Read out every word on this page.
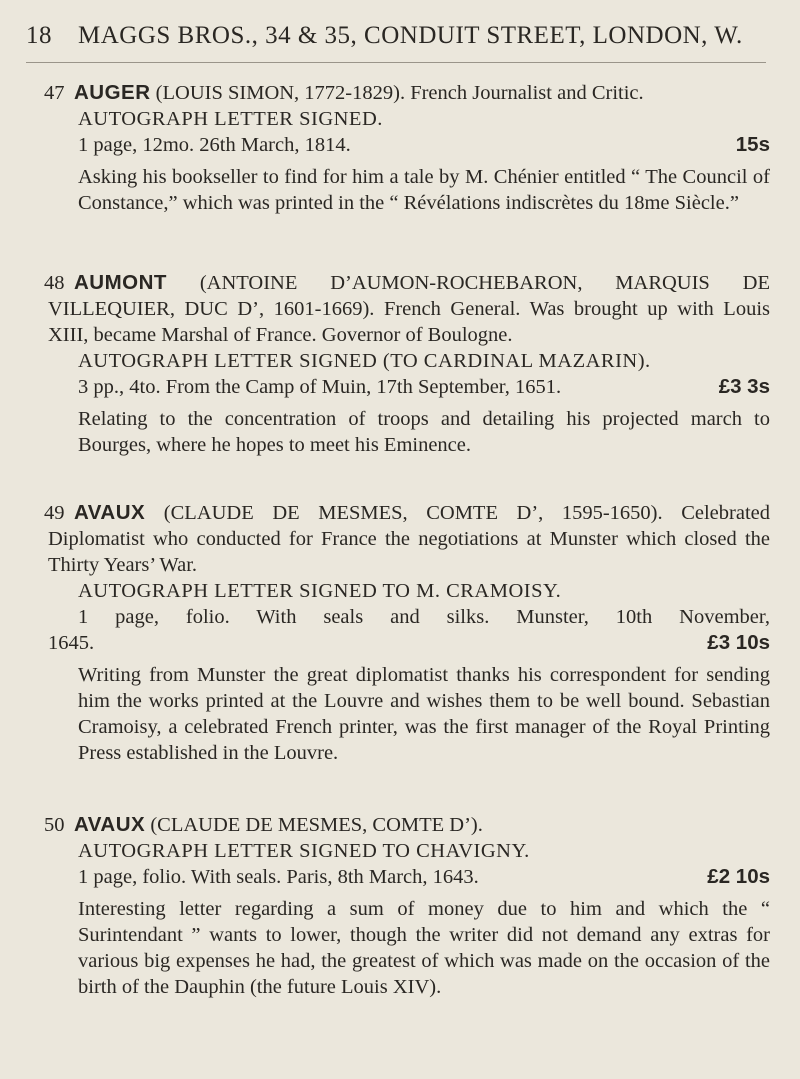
18 MAGGS BROS., 34 & 35, CONDUIT STREET, LONDON, W.

47 AUGER (LOUIS SIMON, 1772-1829). French Journalist and Critic.

AUTOGRAPH LETTER SIGNED.

1 page, 12mo. 26th March, 1814.	15s

Asking his bookseller to find for him a tale by M. Chénier entitled “ The Council of Constance,” which was printed in the “ Révélations indiscrètes du 18me Siècle.”

48 AUMONT (ANTOINE D’AUMON-ROCHEBARON, MARQUIS DE VILLEQUIER, DUC D’, 1601-1669). French General. Was brought up with Louis XIII, became Marshal of France. Governor of Boulogne.

AUTOGRAPH LETTER SIGNED (TO CARDINAL MAZARIN).

3 pp., 4to. From the Camp of Muin, 17th September, 1651.	£3 3s

Relating to the concentration of troops and detailing his projected march to Bourges, where he hopes to meet his Eminence.

49 AVAUX (CLAUDE DE MESMES, COMTE D’, 1595-1650). Celebrated Diplomatist who conducted for France the negotiations at Munster which closed the Thirty Years’ War.

AUTOGRAPH LETTER SIGNED TO M. CRAMOISY.

1 page, folio. With seals and silks. Munster, 10th November,

1645.	£3 10s

Writing from Munster the great diplomatist thanks his correspondent for sending him the works printed at the Louvre and wishes them to be well bound. Sebastian Cramoisy, a celebrated French printer, was the first manager of the Royal Printing Press established in the Louvre.

50 AVAUX (CLAUDE DE MESMES, COMTE D’).

AUTOGRAPH LETTER SIGNED TO CHAVIGNY.

1 page, folio. With seals. Paris, 8th March, 1643.	£2 10s

Interesting letter regarding a sum of money due to him and which the “ Surintendant ” wants to lower, though the writer did not demand any extras for various big expenses he had, the greatest of which was made on the occasion of the birth of the Dauphin (the future Louis XIV).
